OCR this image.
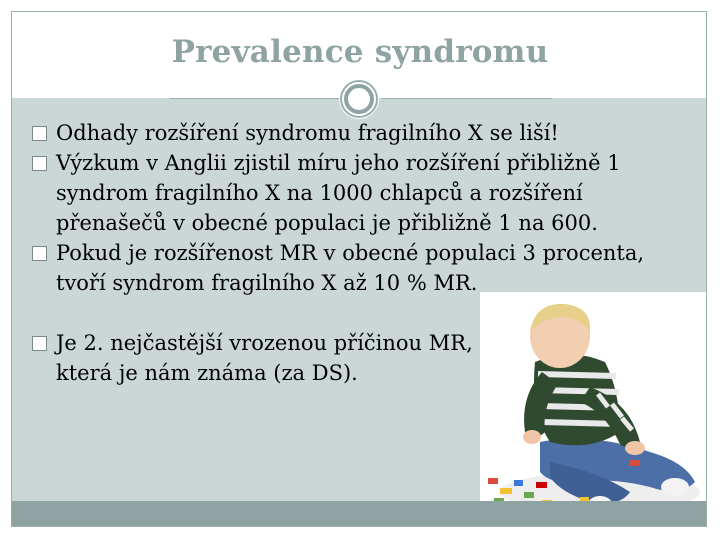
Prevalence syndromu
Odhady rozšíření syndromu fragilního X se liší!
Výzkum v Anglii zjistil míru jeho rozšíření přibližně 1 syndrom fragilního X na 1000 chlapců a rozšíření přenašečů v obecné populaci je přibližně 1 na 600.
Pokud je rozšířenost MR v obecné populaci 3 procenta, tvoří syndrom fragilního X až 10 % MR.
Je 2. nejčastější vrozenou příčinou MR, která je nám známa (za DS).
